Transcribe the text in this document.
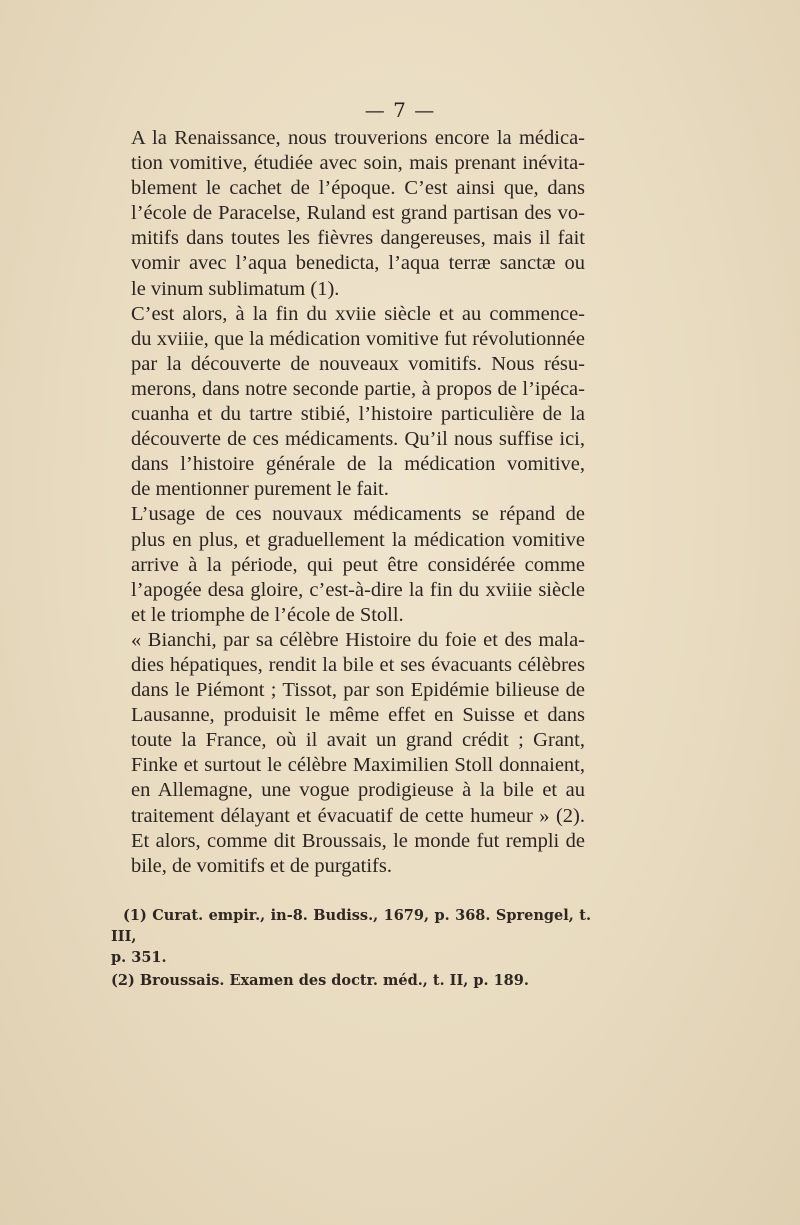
— 7 —

A la Renaissance, nous trouverions encore la médica-
tion vomitive, étudiée avec soin, mais prenant inévita-
blement le cachet de l’époque. C’est ainsi que, dans
l’école de Paracelse, Ruland est grand partisan des vo-
mitifs dans toutes les fièvres dangereuses, mais il fait
vomir avec l’aqua benedicta, l’aqua terræ sanctæ ou
le vinum sublimatum (1).

C’est alors, à la fin du xviie siècle et au commence-
du xviiie, que la médication vomitive fut révolutionnée
par la découverte de nouveaux vomitifs. Nous résu-
merons, dans notre seconde partie, à propos de l’ipéca-
cuanha et du tartre stibié, l’histoire particulière de la
découverte de ces médicaments. Qu’il nous suffise ici,
dans l’histoire générale de la médication vomitive,
de mentionner purement le fait.

L’usage de ces nouvaux médicaments se répand de
plus en plus, et graduellement la médication vomitive
arrive à la période, qui peut être considérée comme
l’apogée desa gloire, c’est-à-dire la fin du xviiie siècle
et le triomphe de l’école de Stoll.

« Bianchi, par sa célèbre Histoire du foie et des mala-
dies hépatiques, rendit la bile et ses évacuants célèbres
dans le Piémont ; Tissot, par son Epidémie bilieuse de
Lausanne, produisit le même effet en Suisse et dans
toute la France, où il avait un grand crédit ; Grant,
Finke et surtout le célèbre Maximilien Stoll donnaient,
en Allemagne, une vogue prodigieuse à la bile et au
traitement délayant et évacuatif de cette humeur » (2).
Et alors, comme dit Broussais, le monde fut rempli de
bile, de vomitifs et de purgatifs.

(1) Curat. empir., in-8. Budiss., 1679, p. 368. Sprengel, t. III,
p. 351.
(2) Broussais. Examen des doctr. méd., t. II, p. 189.
